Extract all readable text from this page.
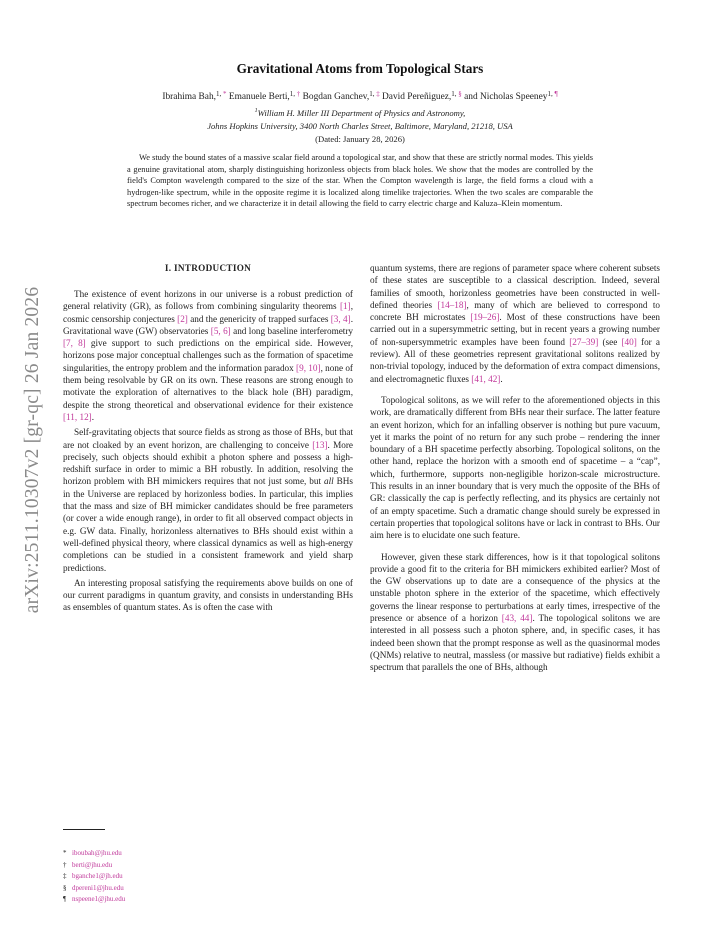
arXiv:2511.10307v2 [gr-qc] 26 Jan 2026
Gravitational Atoms from Topological Stars
Ibrahima Bah,$^{1,}$ * Emanuele Berti,$^{1,}$ † Bogdan Ganchev,$^{1,}$ ‡ David Pereñiguez,$^{1,}$ § and Nicholas Speeney$^{1,}$ ¶
$^1$William H. Miller III Department of Physics and Astronomy,
Johns Hopkins University, 3400 North Charles Street, Baltimore, Maryland, 21218, USA
(Dated: January 28, 2026)
We study the bound states of a massive scalar field around a topological star, and show that these are strictly normal modes. This yields a genuine gravitational atom, sharply distinguishing horizonless objects from black holes. We show that the modes are controlled by the field's Compton wavelength compared to the size of the star. When the Compton wavelength is large, the field forms a cloud with a hydrogen-like spectrum, while in the opposite regime it is localized along timelike trajectories. When the two scales are comparable the spectrum becomes richer, and we characterize it in detail allowing the field to carry electric charge and Kaluza–Klein momentum.
I. INTRODUCTION

The existence of event horizons in our universe is a robust prediction of general relativity (GR), as follows from combining singularity theorems [1], cosmic censorship conjectures [2] and the genericity of trapped surfaces [3, 4]. Gravitational wave (GW) observatories [5, 6] and long baseline interferometry [7, 8] give support to such predictions on the empirical side. However, horizons pose major conceptual challenges such as the formation of spacetime singularities, the entropy problem and the information paradox [9, 10], none of them being resolvable by GR on its own. These reasons are strong enough to motivate the exploration of alternatives to the black hole (BH) paradigm, despite the strong theoretical and observational evidence for their existence [11, 12].

Self-gravitating objects that source fields as strong as those of BHs, but that are not cloaked by an event horizon, are challenging to conceive [13]. More precisely, such objects should exhibit a photon sphere and possess a high-redshift surface in order to mimic a BH robustly. In addition, resolving the horizon problem with BH mimickers requires that not just some, but all BHs in the Universe are replaced by horizonless bodies. In particular, this implies that the mass and size of BH mimicker candidates should be free parameters (or cover a wide enough range), in order to fit all observed compact objects in e.g. GW data. Finally, horizonless alternatives to BHs should exist within a well-defined physical theory, where classical dynamics as well as high-energy completions can be studied in a consistent framework and yield sharp predictions.

An interesting proposal satisfying the requirements above builds on one of our current paradigms in quantum gravity, and consists in understanding BHs as ensembles of quantum states. As is often the case with

quantum systems, there are regions of parameter space where coherent subsets of these states are susceptible to a classical description. Indeed, several families of smooth, horizonless geometries have been constructed in well-defined theories [14–18], many of which are believed to correspond to concrete BH microstates [19–26]. Most of these constructions have been carried out in a supersymmetric setting, but in recent years a growing number of non-supersymmetric examples have been found [27–39] (see [40] for a review). All of these geometries represent gravitational solitons realized by non-trivial topology, induced by the deformation of extra compact dimensions, and electromagnetic fluxes [41, 42].

Topological solitons, as we will refer to the aforementioned objects in this work, are dramatically different from BHs near their surface. The latter feature an event horizon, which for an infalling observer is nothing but pure vacuum, yet it marks the point of no return for any such probe – rendering the inner boundary of a BH spacetime perfectly absorbing. Topological solitons, on the other hand, replace the horizon with a smooth end of spacetime – a “cap”, which, furthermore, supports non-negligible horizon-scale microstructure. This results in an inner boundary that is very much the opposite of the BHs of GR: classically the cap is perfectly reflecting, and its physics are certainly not of an empty spacetime. Such a dramatic change should surely be expressed in certain properties that topological solitons have or lack in contrast to BHs. Our aim here is to elucidate one such feature.

However, given these stark differences, how is it that topological solitons provide a good fit to the criteria for BH mimickers exhibited earlier? Most of the GW observations up to date are a consequence of the physics at the unstable photon sphere in the exterior of the spacetime, which effectively governs the linear response to perturbations at early times, irrespective of the presence or absence of a horizon [43, 44]. The topological solitons we are interested in all possess such a photon sphere, and, in specific cases, it has indeed been shown that the prompt response as well as the quasinormal modes (QNMs) relative to neutral, massless (or massive but radiative) fields exhibit a spectrum that parallels the one of BHs, although

* iboubah@jhu.edu
† berti@jhu.edu
‡ bganche1@jh.edu
§ dpereni1@jhu.edu
¶ nspeene1@jhu.edu
